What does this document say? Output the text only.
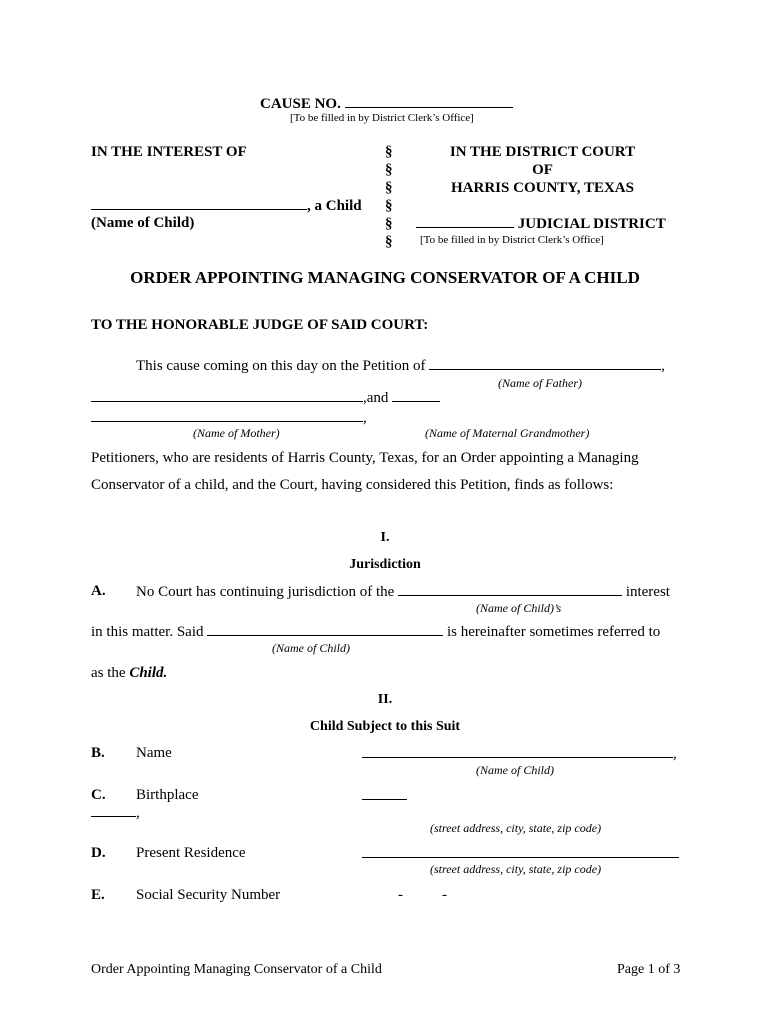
CAUSE NO.
[To be filled in by District Clerk’s Office]
IN THE INTEREST OF
, a Child
(Name of Child)
§
§
§
§
§
§
IN THE DISTRICT COURT
OF
HARRIS COUNTY, TEXAS
JUDICIAL DISTRICT
[To be filled in by District Clerk’s Office]
ORDER APPOINTING MANAGING CONSERVATOR OF A CHILD
TO THE HONORABLE JUDGE OF SAID COURT:
This cause coming on this day on the Petition of	,
(Name of Father)
,and
,
(Name of Mother)	(Name of Maternal Grandmother)
Petitioners, who are residents of Harris County, Texas, for an Order appointing a Managing
Conservator of a child, and the Court, having considered this Petition, finds as follows:
I.
Jurisdiction
A. No Court has continuing jurisdiction of the	interest
(Name of Child)’s
in this matter. Said	is hereinafter sometimes referred to
(Name of Child)
as the Child.
II.
Child Subject to this Suit
B. Name	,
(Name of Child)
C. Birthplace
,
(street address, city, state, zip code)
D. Present Residence
(street address, city, state, zip code)
E. Social Security Number	-	-
Order Appointing Managing Conservator of a Child	Page 1 of 3
